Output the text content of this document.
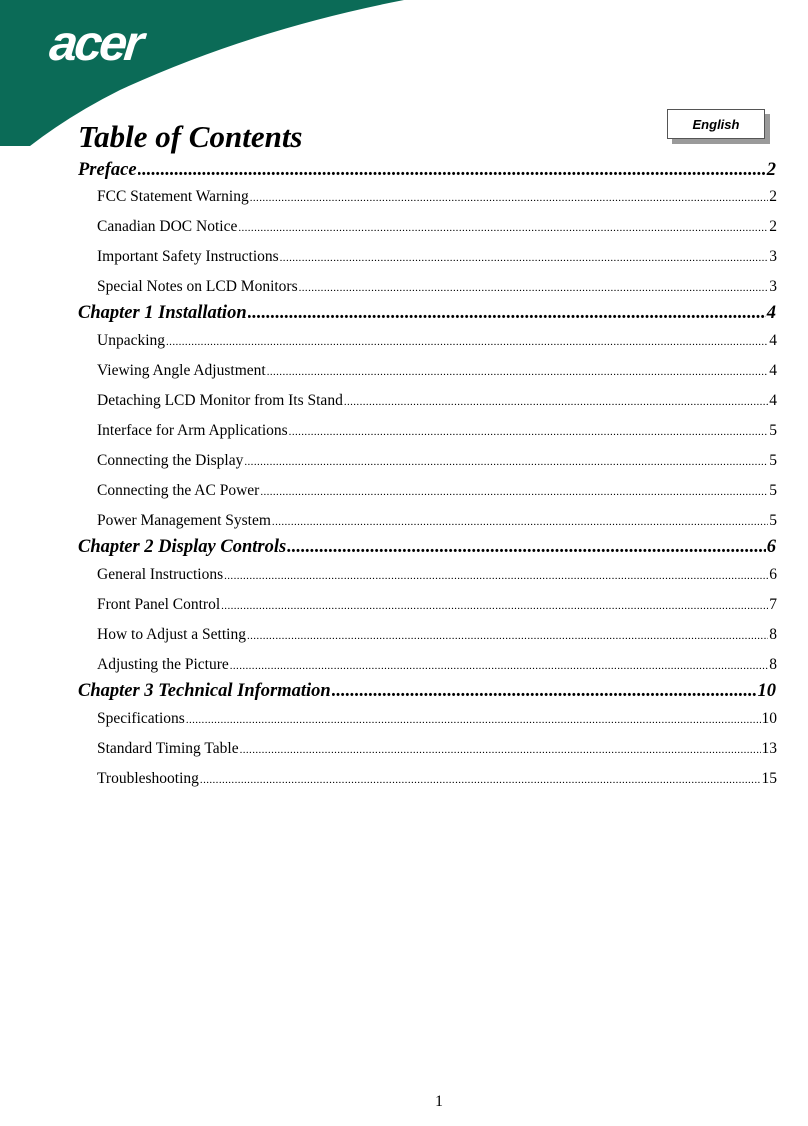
acer
English
Table of Contents
Preface .....	2
FCC Statement Warning .....	2
Canadian DOC Notice .....	2
Important Safety Instructions .....	3
Special Notes on LCD Monitors .....	3
Chapter 1 Installation .....	4
Unpacking .....	4
Viewing Angle Adjustment .....	4
Detaching LCD Monitor from Its Stand .....	4
Interface for Arm Applications .....	5
Connecting the Display .....	5
Connecting the AC Power .....	5
Power Management System .....	5
Chapter 2 Display Controls .....	6
General Instructions .....	6
Front Panel Control .....	7
How to Adjust a Setting .....	8
Adjusting the Picture .....	8
Chapter 3 Technical Information .....	10
Specifications .....	10
Standard Timing Table .....	13
Troubleshooting .....	15
1
